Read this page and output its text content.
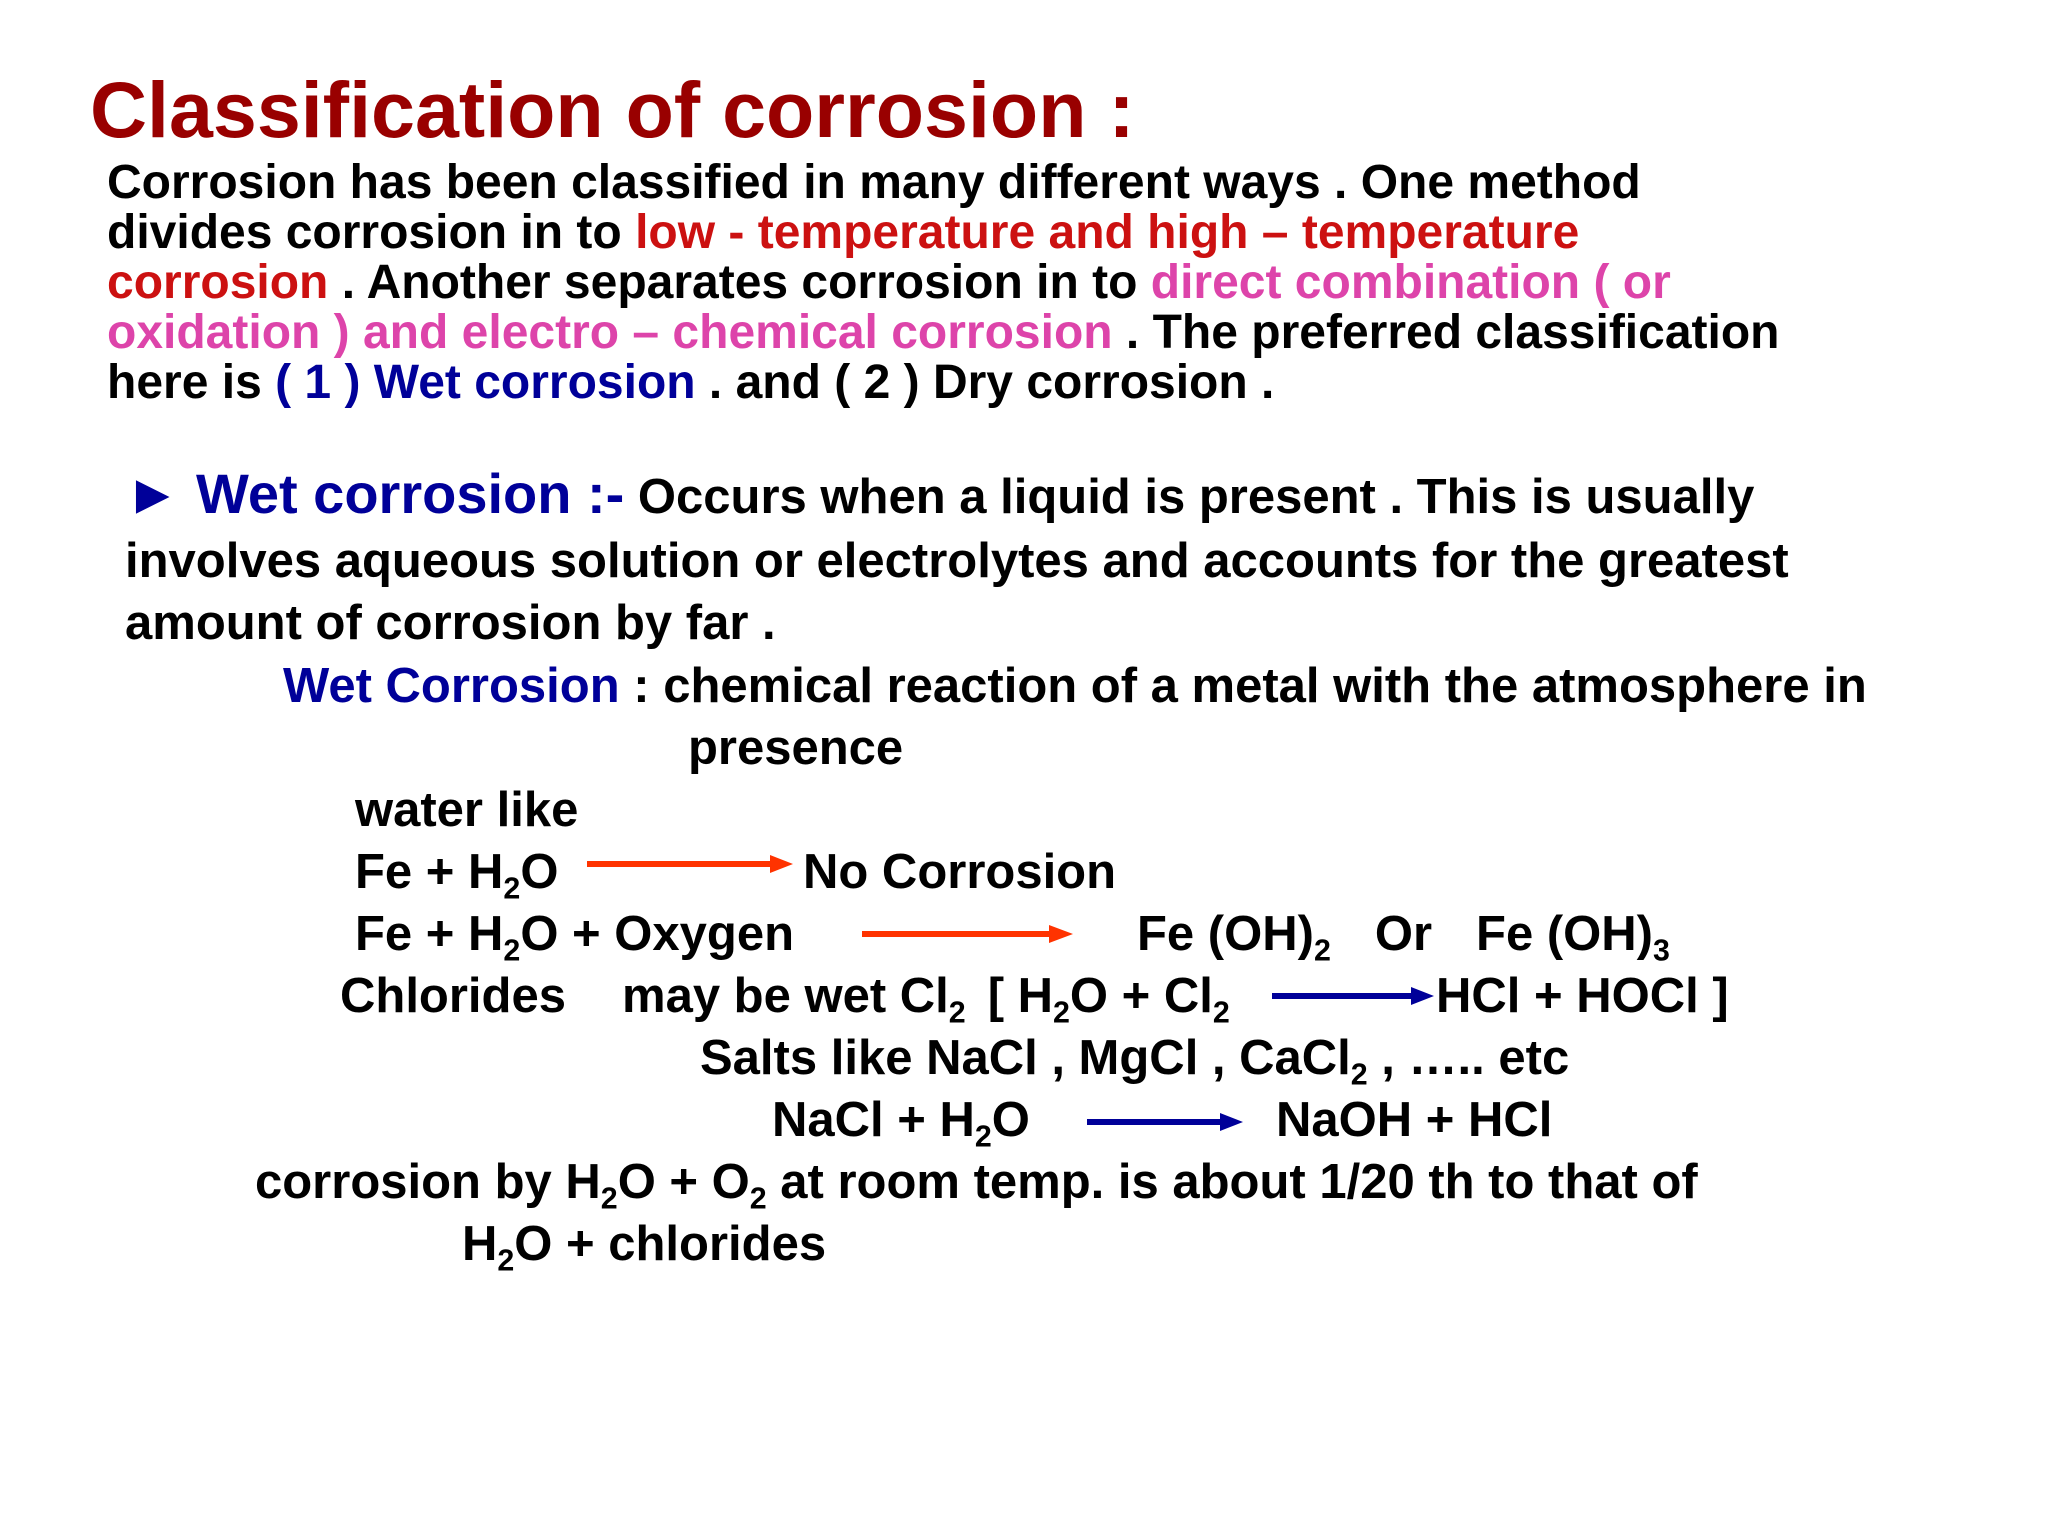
Classification of corrosion :
Corrosion has been classified in many different ways . One method
divides corrosion in to low - temperature and high – temperature
corrosion . Another separates corrosion in to direct combination ( or
oxidation ) and electro – chemical corrosion . The preferred classification
here is ( 1 ) Wet corrosion . and ( 2 ) Dry corrosion .
► Wet corrosion :- Occurs when a liquid is present . This is usually
involves aqueous solution or electrolytes and accounts for the greatest
amount of corrosion by far .
Wet Corrosion : chemical reaction of a metal with the atmosphere in
presence
water like
$Fe + H_2O$	No Corrosion
$Fe + H_2O$ + Oxygen	Fe $(OH)_2$ Or Fe $(OH)_3$
Chlorides may be wet $Cl_2$ [ $H_2O + Cl_2$	HCl + HOCl ]
Salts like NaCl , MgCl , CaCl$_2$ , ….. etc
NaCl + $H_2O$	NaOH + HCl
corrosion by $H_2O + O_2$ at room temp. is about 1/20 th to that of
$H_2O$ + chlorides
